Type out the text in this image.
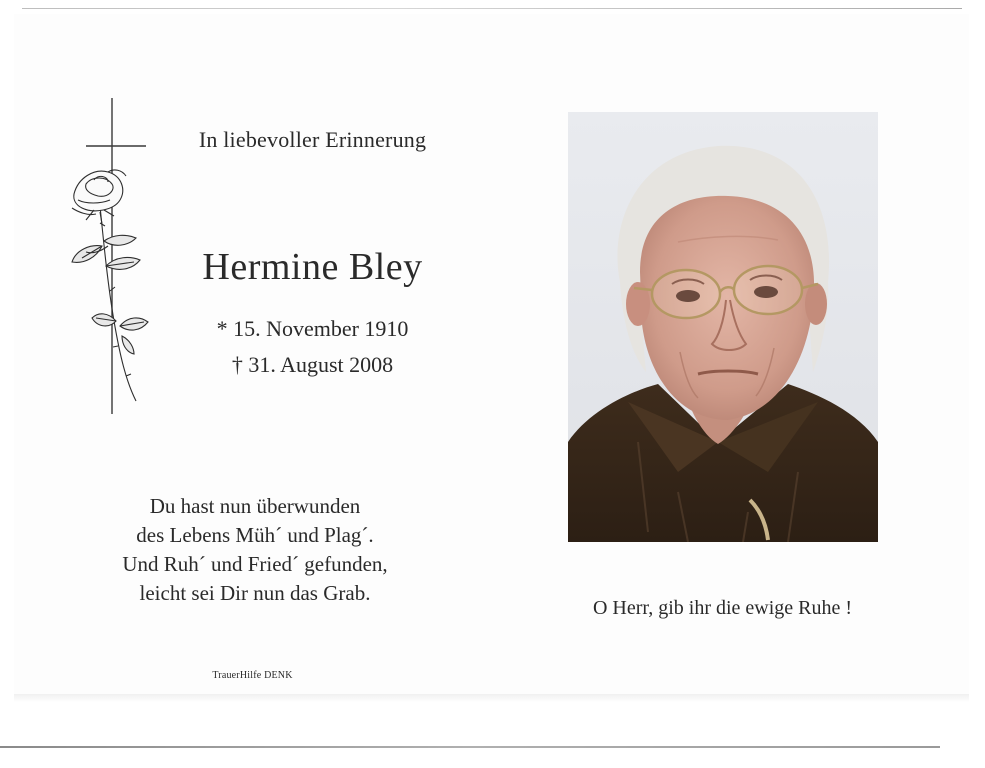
In liebevoller Erinnerung
Hermine Bley
* 15. November 1910
† 31. August 2008
Du hast nun überwunden
des Lebens Müh´ und Plag´.
Und Ruh´ und Fried´ gefunden,
leicht sei Dir nun das Grab.
TrauerHilfe DENK
O Herr, gib ihr die ewige Ruhe !
